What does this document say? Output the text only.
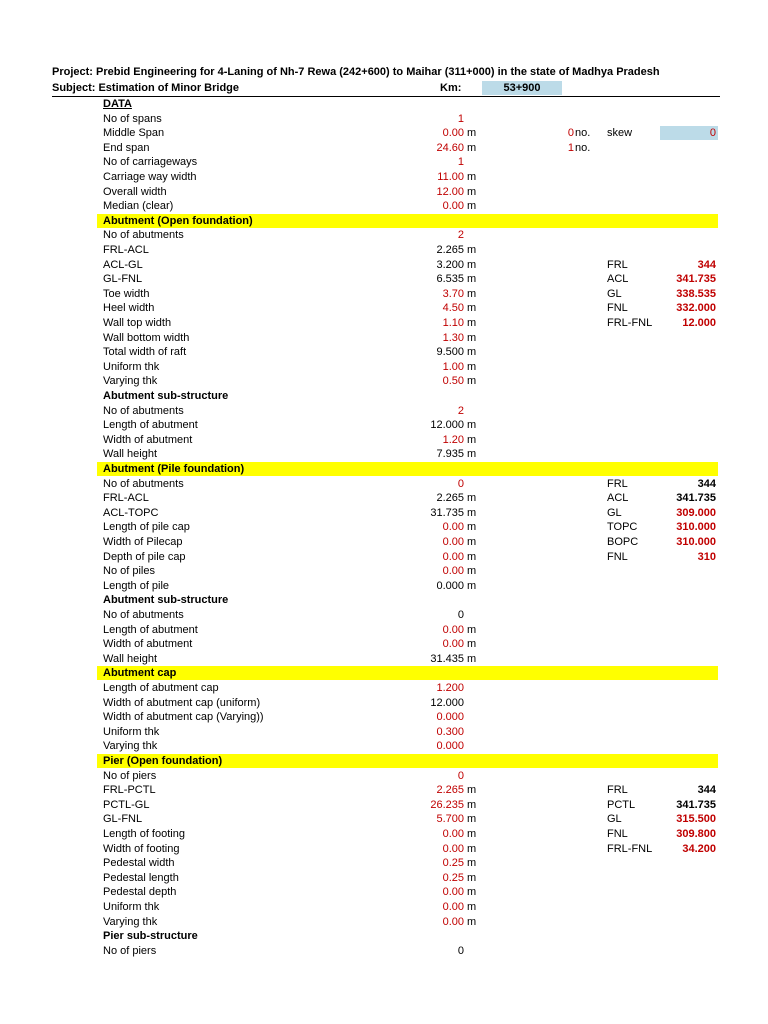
Project: Prebid Engineering for 4-Laning of Nh-7 Rewa (242+600) to Maihar (311+000) in the state of Madhya Pradesh
Subject: Estimation of Minor Bridge	Km:	53+900
DATA
No of spans	1
Middle Span	0.00 m	0 no. skew	0
End span	24.60 m	1 no.
No of carriageways	1
Carriage way width	11.00 m
Overall width	12.00 m
Median (clear)	0.00 m
Abutment (Open foundation)
No of abutments	2
FRL-ACL	2.265 m
ACL-GL	3.200 m	FRL	344
GL-FNL	6.535 m	ACL	341.735
Toe width	3.70 m	GL	338.535
Heel width	4.50 m	FNL	332.000
Wall top width	1.10 m	FRL-FNL	12.000
Wall bottom width	1.30 m
Total width of raft	9.500 m
Uniform thk	1.00 m
Varying thk	0.50 m
Abutment sub-structure
No of abutments	2
Length of abutment	12.000 m
Width of abutment	1.20 m
Wall height	7.935 m
Abutment (Pile foundation)
No of abutments	0	FRL	344
FRL-ACL	2.265 m	ACL	341.735
ACL-TOPC	31.735 m	GL	309.000
Length of pile cap	0.00 m	TOPC	310.000
Width of Pilecap	0.00 m	BOPC	310.000
Depth of pile cap	0.00 m	FNL	310
No of piles	0.00 m
Length of pile	0.000 m
Abutment sub-structure
No of abutments	0
Length of abutment	0.00 m
Width of abutment	0.00 m
Wall height	31.435 m
Abutment cap
Length of abutment cap	1.200
Width of abutment cap (uniform)	12.000
Width of abutment cap (Varying))	0.000
Uniform thk	0.300
Varying thk	0.000
Pier (Open foundation)
No of piers	0
FRL-PCTL	2.265 m	FRL	344
PCTL-GL	26.235 m	PCTL	341.735
GL-FNL	5.700 m	GL	315.500
Length of footing	0.00 m	FNL	309.800
Width of footing	0.00 m	FRL-FNL	34.200
Pedestal width	0.25 m
Pedestal length	0.25 m
Pedestal depth	0.00 m
Uniform thk	0.00 m
Varying thk	0.00 m
Pier sub-structure
No of piers	0
